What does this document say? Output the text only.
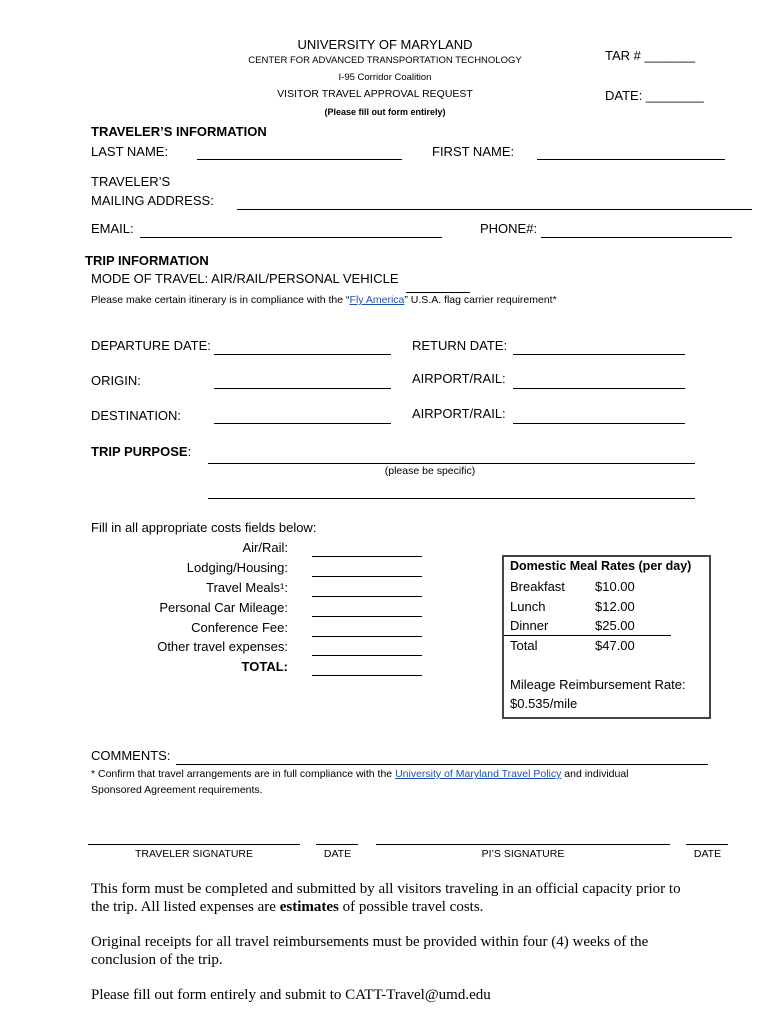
UNIVERSITY OF MARYLAND
CENTER FOR ADVANCED TRANSPORTATION TECHNOLOGY
I-95 Corridor Coalition
VISITOR TRAVEL APPROVAL REQUEST
(Please fill out form entirely)
TAR # _______
DATE: ________
TRAVELER’S INFORMATION
LAST NAME:	FIRST NAME:
TRAVELER’S
MAILING ADDRESS:
EMAIL:	PHONE#:
TRIP INFORMATION
MODE OF TRAVEL: AIR/RAIL/PERSONAL VEHICLE
Please make certain itinerary is in compliance with the “Fly America” U.S.A. flag carrier requirement*
DEPARTURE DATE:	RETURN DATE:
ORIGIN:	AIRPORT/RAIL:
DESTINATION:	AIRPORT/RAIL:
TRIP PURPOSE:
(please be specific)
Fill in all appropriate costs fields below:
Air/Rail:
Lodging/Housing:
Travel Meals¹:
Personal Car Mileage:
Conference Fee:
Other travel expenses:
TOTAL:
Domestic Meal Rates (per day)
Breakfast $10.00
Lunch	$12.00
Dinner	$25.00
Total	$47.00
Mileage Reimbursement Rate:
$0.535/mile
COMMENTS:
* Confirm that travel arrangements are in full compliance with the University of Maryland Travel Policy and individual
Sponsored Agreement requirements.
TRAVELER SIGNATURE	DATE	PI’S SIGNATURE	DATE
This form must be completed and submitted by all visitors traveling in an official capacity prior to
the trip. All listed expenses are estimates of possible travel costs.
Original receipts for all travel reimbursements must be provided within four (4) weeks of the
conclusion of the trip.
Please fill out form entirely and submit to CATT-Travel@umd.edu
